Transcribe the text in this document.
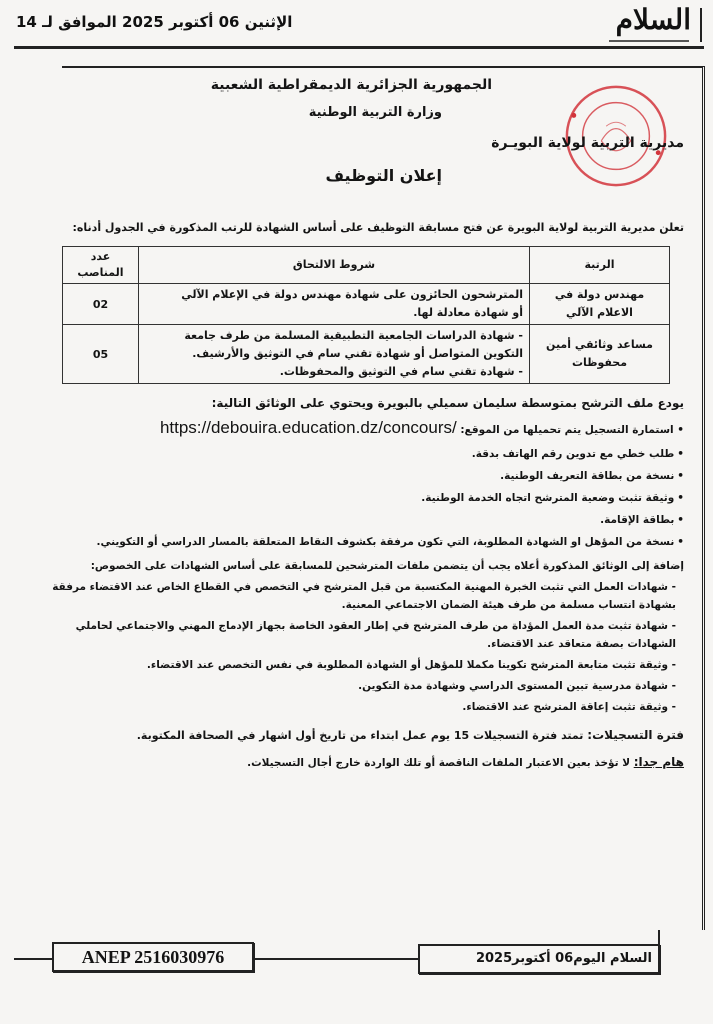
السلام
الإثنين 06 أكتوبر 2025 الموافق لـ 14
الجمهورية الجزائرية الديمقراطية الشعبية
وزارة التربية الوطنية
مديرية التربية لولاية البويـرة
إعلان التوظيف
تعلن مديرية التربية لولاية البويرة عن فتح مسابقة التوظيف على أساس الشهادة للرتب المذكورة في الجدول أدناه:
الرتبة	شروط الالتحاق	عدد المناصب
مهندس دولة في الاعلام الآلي	المترشحون الحائزون على شهادة مهندس دولة في الإعلام الآلي
أو شهادة معادلة لها.	02
مساعد وثائقي أمين محفوظات	- شهادة الدراسات الجامعية التطبيقية المسلمة من طرف جامعة
التكوين المتواصل أو شهادة تقني سام في التوثيق والأرشيف.
- شهادة تقني سام في التوثيق والمحفوظات.	05
يودع ملف الترشح بمتوسطة سليمان سميلي بالبويرة ويحتوي على الوثائق التالية:
• استمارة التسجيل يتم تحميلها من الموقع: https://debouira.education.dz/concours/
• طلب خطي مع تدوين رقم الهاتف بدقة.
• نسخة من بطاقة التعريف الوطنية.
• وثيقة تثبت وضعية المترشح اتجاه الخدمة الوطنية.
• بطاقة الإقامة.
• نسخة من المؤهل او الشهادة المطلوبة، التي تكون مرفقة بكشوف النقاط المتعلقة بالمسار الدراسي أو التكويني.
إضافة إلى الوثائق المذكورة أعلاه يجب أن يتضمن ملفات المترشحين للمسابقة على أساس الشهادات على الخصوص:
- شهادات العمل التي تثبت الخبرة المهنية المكتسبة من قبل المترشح في التخصص في القطاع الخاص عند الاقتضاء مرفقة بشهادة انتساب مسلمة من طرف هيئة الضمان الاجتماعي المعنية.
- شهادة تثبت مدة العمل المؤداة من طرف المترشح في إطار العقود الخاصة بجهاز الإدماج المهني والاجتماعي لحاملي الشهادات بصفة متعاقد عند الاقتضاء.
- وثيقة تثبت متابعة المترشح تكوينا مكملا للمؤهل أو الشهادة المطلوبة في نفس التخصص عند الاقتضاء.
- شهادة مدرسية تبين المستوى الدراسي وشهادة مدة التكوين.
- وثيقة تثبت إعاقة المترشح عند الاقتضاء.
فترة التسجيلات: تمتد فترة التسجيلات 15 يوم عمل ابتداء من تاريخ أول اشهار في الصحافة المكتوبة.
هام جدا: لا تؤخذ بعين الاعتبار الملفات الناقصة أو تلك الواردة خارج أجال التسجيلات.
ANEP 2516030976	السلام اليوم06 أكتوبر2025
